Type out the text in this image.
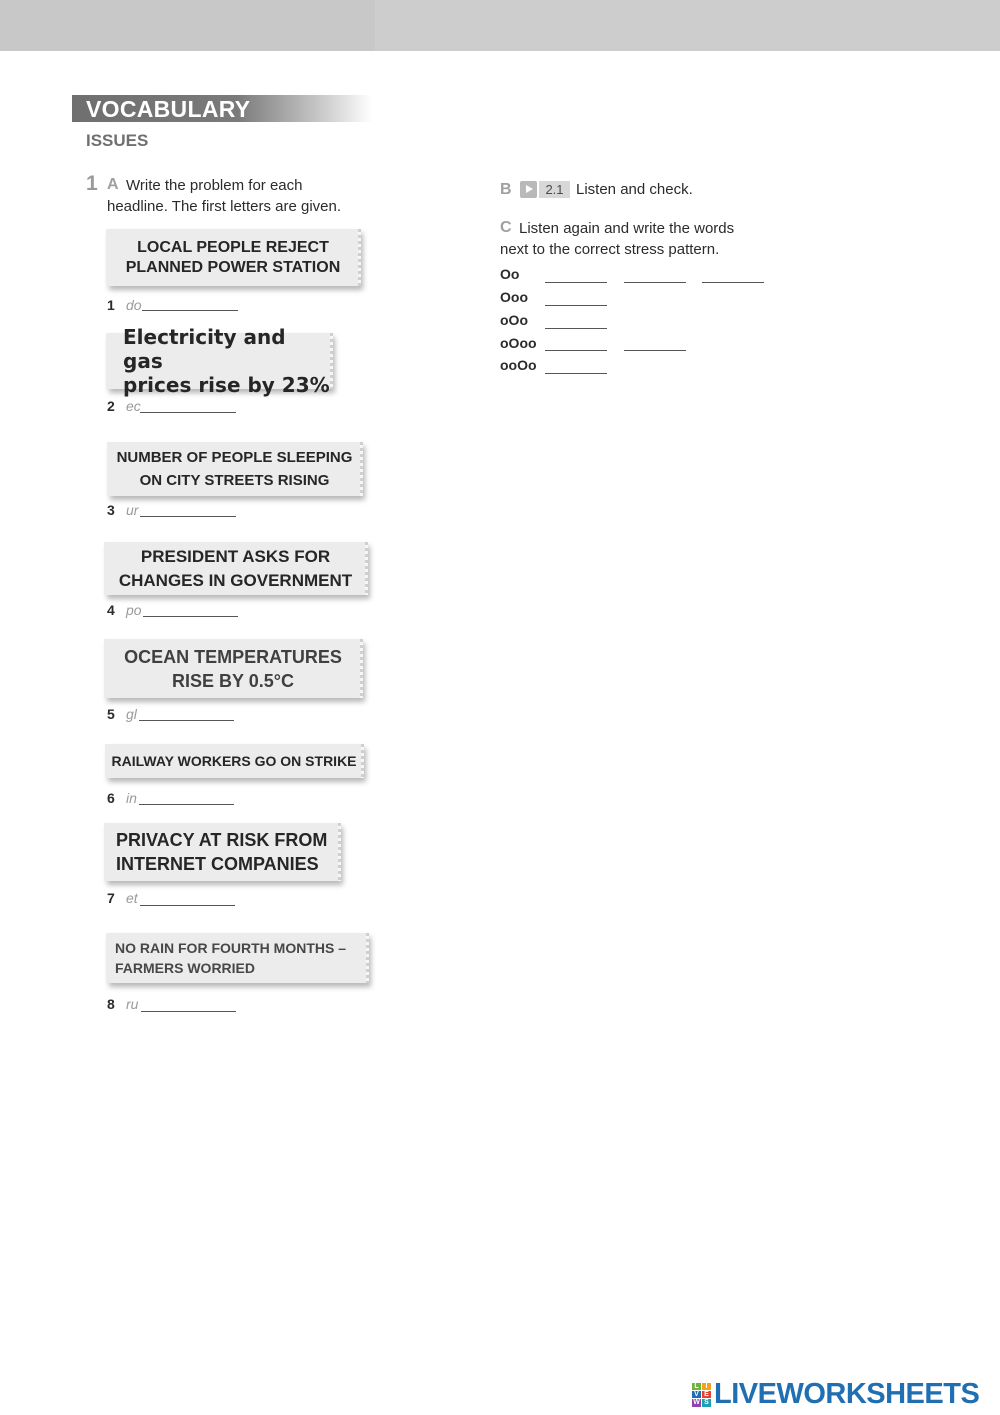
VOCABULARY
ISSUES
1 A Write the problem for each
headline. The first letters are given.
LOCAL PEOPLE REJECT
PLANNED POWER STATION
1 do
Electricity and gas
prices rise by 23%
2 ec
NUMBER OF PEOPLE SLEEPING
ON CITY STREETS RISING
3 ur
PRESIDENT ASKS FOR
CHANGES IN GOVERNMENT
4 po
OCEAN TEMPERATURES
RISE BY 0.5°C
5 gl
RAILWAY WORKERS GO ON STRIKE
6 in
PRIVACY AT RISK FROM
INTERNET COMPANIES
7 et
NO RAIN FOR FOURTH MONTHS –
FARMERS WORRIED
8 ru
B	2.1 Listen and check.
C Listen again and write the words
next to the correct stress pattern.
Oo
Ooo
oOo
oOoo
ooOo
L I
V E
W S LIVEWORKSHEETS
